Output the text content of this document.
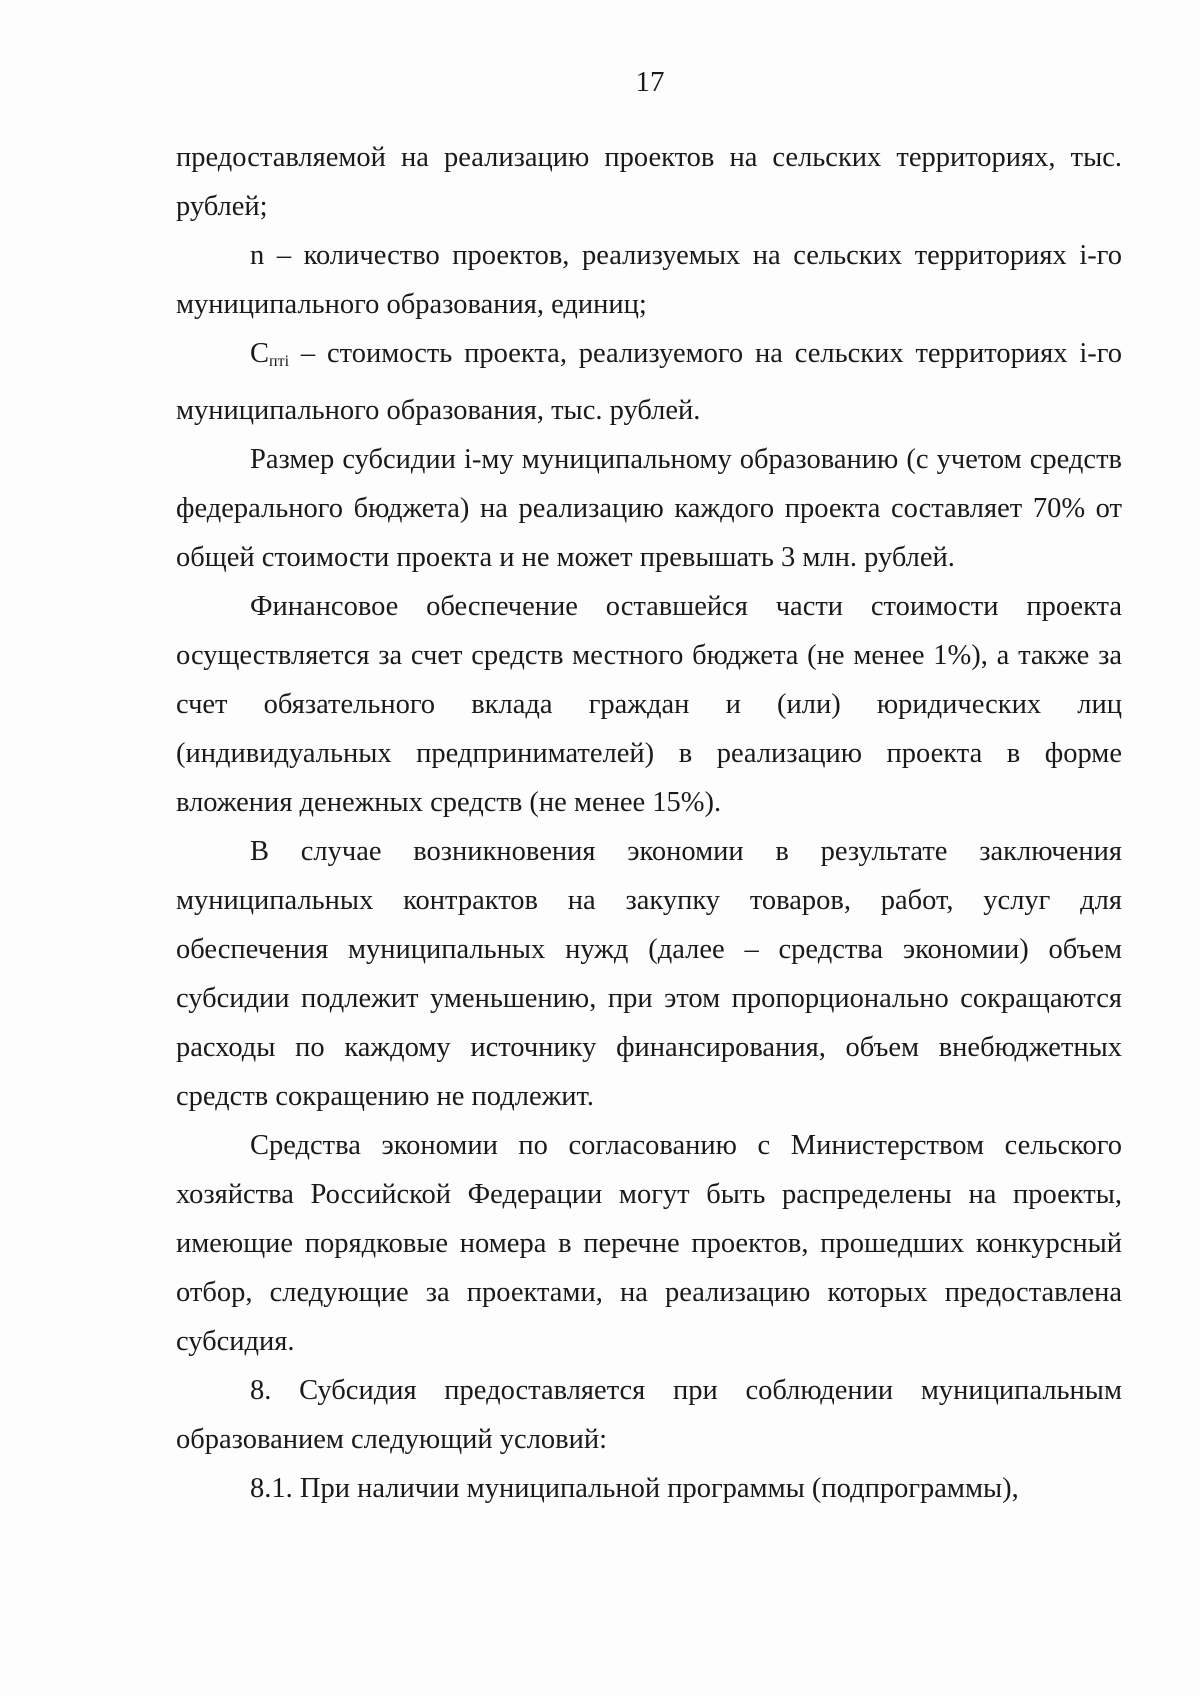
17

предоставляемой на реализацию проектов на сельских территориях, тыс. рублей;

n – количество проектов, реализуемых на сельских территориях i-го муниципального образования, единиц;

$С_{птi}$ – стоимость проекта, реализуемого на сельских территориях i-го муниципального образования, тыс. рублей.

Размер субсидии i-му муниципальному образованию (с учетом средств федерального бюджета) на реализацию каждого проекта составляет 70% от общей стоимости проекта и не может превышать 3 млн. рублей.

Финансовое обеспечение оставшейся части стоимости проекта осуществляется за счет средств местного бюджета (не менее 1%), а также за счет обязательного вклада граждан и (или) юридических лиц (индивидуальных предпринимателей) в реализацию проекта в форме вложения денежных средств (не менее 15%).

В случае возникновения экономии в результате заключения муниципальных контрактов на закупку товаров, работ, услуг для обеспечения муниципальных нужд (далее – средства экономии) объем субсидии подлежит уменьшению, при этом пропорционально сокращаются расходы по каждому источнику финансирования, объем внебюджетных средств сокращению не подлежит.

Средства экономии по согласованию с Министерством сельского хозяйства Российской Федерации могут быть распределены на проекты, имеющие порядковые номера в перечне проектов, прошедших конкурсный отбор, следующие за проектами, на реализацию которых предоставлена субсидия.

8. Субсидия предоставляется при соблюдении муниципальным образованием следующий условий:

8.1. При наличии муниципальной программы (подпрограммы),
